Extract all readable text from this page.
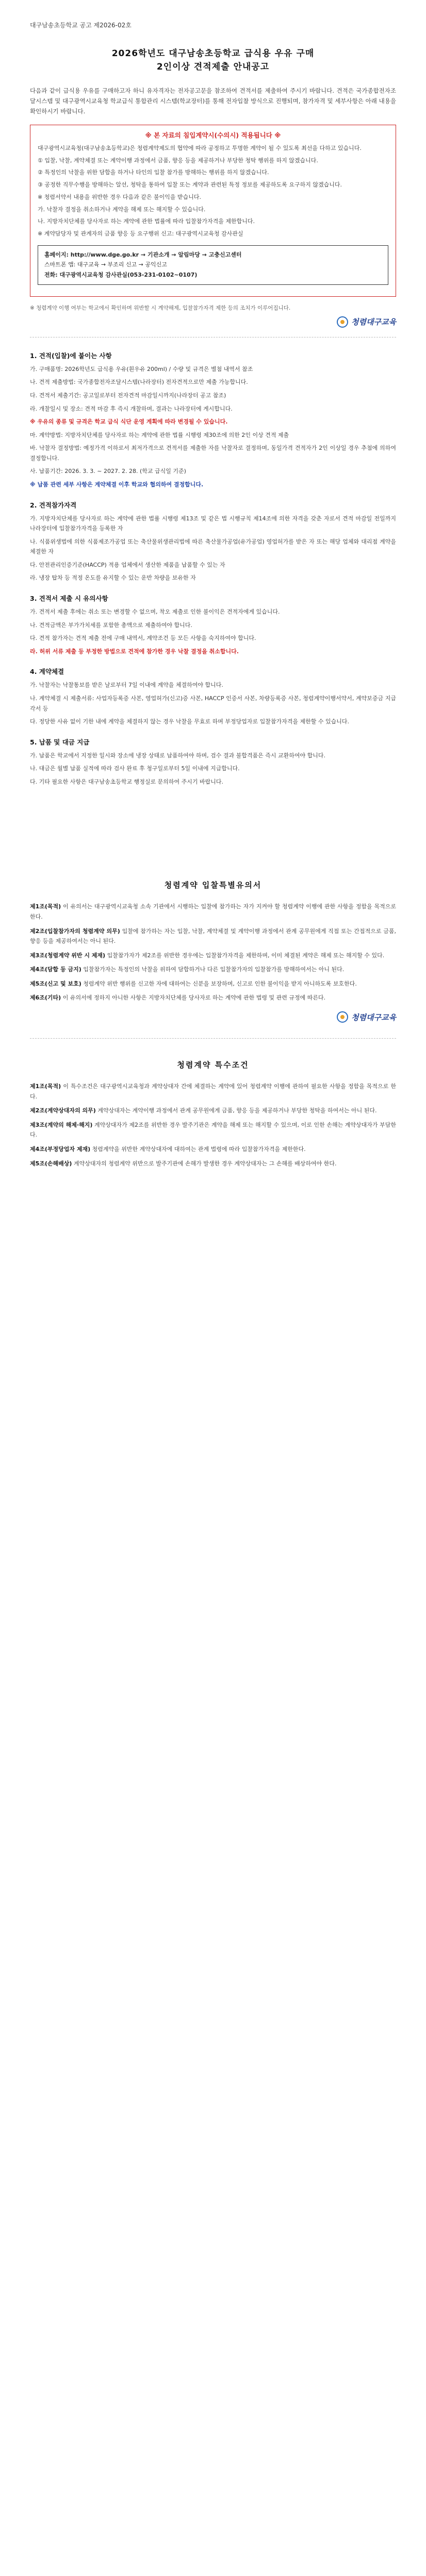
대구남송초등학교 공고 제2026-02호
2026학년도 대구남송초등학교 급식용 우유 구매
2인이상 견적제출 안내공고
다음과 같이 급식용 우유를 구매하고자 하니 유자격자는 전자공고문을 참조하여 견적서를 제출하여 주시기 바랍니다. 견적은 국가종합전자조달시스템 및 대구광역시교육청 학교급식 통합관리 시스템(학교장터)를 통해 전자입찰 방식으로 진행되며, 참가자격 및 세부사항은 아래 내용을 확인하시기 바랍니다.
※ 본 자료의 침입계약시(수의시) 적용됩니다 ※

대구광역시교육청(대구남송초등학교)은 청렴계약제도의 협약에 따라 공정하고 투명한 계약이 될 수 있도록 최선을 다하고 있습니다.

① 입찰, 낙찰, 계약체결 또는 계약이행 과정에서 금품, 향응 등을 제공하거나 부당한 청탁 행위를 하지 않겠습니다.

② 특정인의 낙찰을 위한 담합을 하거나 타인의 입찰 참가를 방해하는 행위를 하지 않겠습니다.

③ 공정한 직무수행을 방해하는 알선, 청탁을 통하여 입찰 또는 계약과 관련된 특정 정보를 제공하도록 요구하지 않겠습니다.

※ 청렴서약서 내용을 위반한 경우 다음과 같은 불이익을 받습니다.

가. 낙찰자 결정을 취소하거나 계약을 해제 또는 해지할 수 있습니다.

나. 지방자치단체를 당사자로 하는 계약에 관한 법률에 따라 입찰참가자격을 제한합니다.

※ 계약담당자 및 관계자의 금품 향응 등 요구행위 신고: 대구광역시교육청 감사관실

홈페이지: http://www.dge.go.kr → 기관소개 → 알림마당 → 고충신고센터
스마트폰 앱: 대구교육 → 부조리 신고 → 공익신고
전화: 대구광역시교육청 감사관실(053-231-0102~0107)
※ 청렴계약 이행 여부는 학교에서 확인하며 위반할 시 계약해제, 입찰참가자격 제한 등의 조치가 이루어집니다.
청렴대구교육
1. 견적(입찰)에 붙이는 사항
가. 구매품명: 2026학년도 급식용 우유(흰우유 200ml) / 수량 및 규격은 별첨 내역서 참조
나. 견적 제출방법: 국가종합전자조달시스템(나라장터) 전자견적으로만 제출 가능합니다.
다. 견적서 제출기간: 공고일로부터 전자견적 마감일시까지(나라장터 공고 참조)
라. 개찰일시 및 장소: 견적 마감 후 즉시 개찰하며, 결과는 나라장터에 게시합니다.
※ 우유의 종류 및 규격은 학교 급식 식단 운영 계획에 따라 변경될 수 있습니다.
마. 계약방법: 지방자치단체를 당사자로 하는 계약에 관한 법률 시행령 제30조에 의한 2인 이상 견적 제출
바. 낙찰자 결정방법: 예정가격 이하로서 최저가격으로 견적서를 제출한 자를 낙찰자로 결정하며, 동일가격 견적자가 2인 이상일 경우 추첨에 의하여 결정합니다.
사. 납품기간: 2026. 3. 3. ~ 2027. 2. 28. (학교 급식일 기준)
※ 납품 관련 세부 사항은 계약체결 이후 학교와 협의하여 결정합니다.
2. 견적참가자격
가. 지방자치단체를 당사자로 하는 계약에 관한 법률 시행령 제13조 및 같은 법 시행규칙 제14조에 의한 자격을 갖춘 자로서 견적 마감일 전일까지 나라장터에 입찰참가자격을 등록한 자
나. 식품위생법에 의한 식품제조가공업 또는 축산물위생관리법에 따른 축산물가공업(유가공업) 영업허가를 받은 자 또는 해당 업체와 대리점 계약을 체결한 자
다. 안전관리인증기준(HACCP) 적용 업체에서 생산한 제품을 납품할 수 있는 자
라. 냉장 탑차 등 적정 온도를 유지할 수 있는 운반 차량을 보유한 자
3. 견적서 제출 시 유의사항
가. 견적서 제출 후에는 취소 또는 변경할 수 없으며, 착오 제출로 인한 불이익은 견적자에게 있습니다.
나. 견적금액은 부가가치세를 포함한 총액으로 제출하여야 합니다.
다. 견적 참가자는 견적 제출 전에 구매 내역서, 계약조건 등 모든 사항을 숙지하여야 합니다.
라. 허위 서류 제출 등 부정한 방법으로 견적에 참가한 경우 낙찰 결정을 취소합니다.
4. 계약체결
가. 낙찰자는 낙찰통보를 받은 날로부터 7일 이내에 계약을 체결하여야 합니다.
나. 계약체결 시 제출서류: 사업자등록증 사본, 영업허가(신고)증 사본, HACCP 인증서 사본, 차량등록증 사본, 청렴계약이행서약서, 계약보증금 지급각서 등
다. 정당한 사유 없이 기한 내에 계약을 체결하지 않는 경우 낙찰을 무효로 하며 부정당업자로 입찰참가자격을 제한할 수 있습니다.
5. 납품 및 대금 지급
가. 납품은 학교에서 지정한 일시와 장소에 냉장 상태로 납품하여야 하며, 검수 결과 불합격품은 즉시 교환하여야 합니다.
나. 대금은 월별 납품 실적에 따라 검사 완료 후 청구일로부터 5일 이내에 지급합니다.
다. 기타 필요한 사항은 대구남송초등학교 행정실로 문의하여 주시기 바랍니다.
청렴계약 입찰특별유의서
제1조(목적) 이 유의서는 대구광역시교육청 소속 기관에서 시행하는 입찰에 참가하는 자가 지켜야 할 청렴계약 이행에 관한 사항을 정함을 목적으로 한다.
제2조(입찰참가자의 청렴계약 의무) 입찰에 참가하는 자는 입찰, 낙찰, 계약체결 및 계약이행 과정에서 관계 공무원에게 직접 또는 간접적으로 금품, 향응 등을 제공하여서는 아니 된다.
제3조(청렴계약 위반 시 제재) 입찰참가자가 제2조를 위반한 경우에는 입찰참가자격을 제한하며, 이미 체결된 계약은 해제 또는 해지할 수 있다.
제4조(담합 등 금지) 입찰참가자는 특정인의 낙찰을 위하여 담합하거나 다른 입찰참가자의 입찰참가를 방해하여서는 아니 된다.
제5조(신고 및 보호) 청렴계약 위반 행위를 신고한 자에 대하여는 신분을 보장하며, 신고로 인한 불이익을 받지 아니하도록 보호한다.
제6조(기타) 이 유의서에 정하지 아니한 사항은 지방자치단체를 당사자로 하는 계약에 관한 법령 및 관련 규정에 따른다.
청렴대구교육
청렴계약 특수조건
제1조(목적) 이 특수조건은 대구광역시교육청과 계약상대자 간에 체결하는 계약에 있어 청렴계약 이행에 관하여 필요한 사항을 정함을 목적으로 한다.
제2조(계약상대자의 의무) 계약상대자는 계약이행 과정에서 관계 공무원에게 금품, 향응 등을 제공하거나 부당한 청탁을 하여서는 아니 된다.
제3조(계약의 해제·해지) 계약상대자가 제2조를 위반한 경우 발주기관은 계약을 해제 또는 해지할 수 있으며, 이로 인한 손해는 계약상대자가 부담한다.
제4조(부정당업자 제재) 청렴계약을 위반한 계약상대자에 대하여는 관계 법령에 따라 입찰참가자격을 제한한다.
제5조(손해배상) 계약상대자의 청렴계약 위반으로 발주기관에 손해가 발생한 경우 계약상대자는 그 손해를 배상하여야 한다.
